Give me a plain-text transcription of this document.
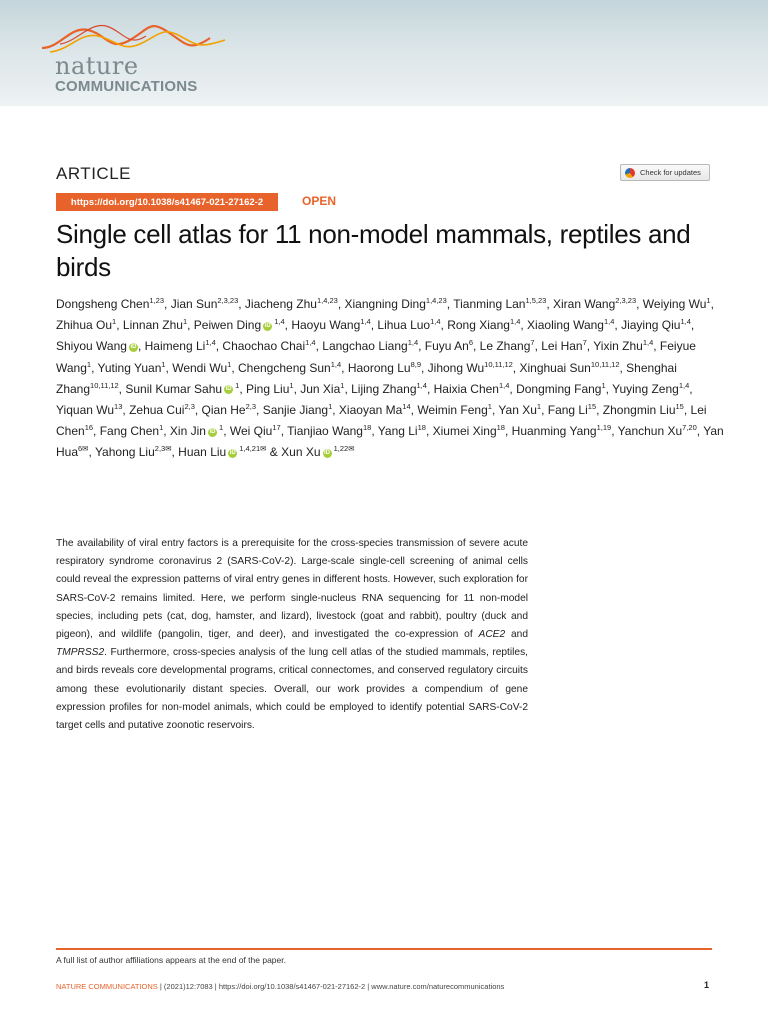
nature
COMMUNICATIONS
ARTICLE	Check for updates
https://doi.org/10.1038/s41467-021-27162-2	OPEN
Single cell atlas for 11 non-model mammals, reptiles and birds
Dongsheng Chen$^{1,23}$, Jian Sun$^{2,3,23}$, Jiacheng Zhu$^{1,4,23}$, Xiangning Ding$^{1,4,23}$, Tianming Lan$^{1,5,23}$, Xiran Wang$^{2,3,23}$, Weiying Wu$^1$, Zhihua Ou$^1$, Linnan Zhu$^1$, Peiwen Ding iD $^{1,4}$, Haoyu Wang$^{1,4}$, Lihua Luo$^{1,4}$, Rong Xiang$^{1,4}$, Xiaoling Wang$^{1,4}$, Jiaying Qiu$^{1,4}$, Shiyou Wang iD , Haimeng Li$^{1,4}$, Chaochao Chai$^{1,4}$, Langchao Liang$^{1,4}$, Fuyu An$^6$, Le Zhang$^7$, Lei Han$^7$, Yixin Zhu$^{1,4}$, Feiyue Wang$^1$, Yuting Yuan$^1$, Wendi Wu$^1$, Chengcheng Sun$^{1,4}$, Haorong Lu$^{8,9}$, Jihong Wu$^{10,11,12}$, Xinghuai Sun$^{10,11,12}$, Shenghai Zhang$^{10,11,12}$, Sunil Kumar Sahu iD $^1$, Ping Liu$^1$, Jun Xia$^1$, Lijing Zhang$^{1,4}$, Haixia Chen$^{1,4}$, Dongming Fang$^1$, Yuying Zeng$^{1,4}$, Yiquan Wu$^{13}$, Zehua Cui$^{2,3}$, Qian He$^{2,3}$, Sanjie Jiang$^1$, Xiaoyan Ma$^{14}$, Weimin Feng$^1$, Yan Xu$^1$, Fang Li$^{15}$, Zhongmin Liu$^{15}$, Lei Chen$^{16}$, Fang Chen$^1$, Xin Jin iD $^1$, Wei Qiu$^{17}$, Tianjiao Wang$^{18}$, Yang Li$^{18}$, Xiumei Xing$^{18}$, Huanming Yang$^{1,19}$, Yanchun Xu$^{7,20}$, Yan Hua$^{6✉}$, Yahong Liu$^{2,3✉}$, Huan Liu iD $^{1,4,21✉}$ & Xun Xu iD $^{1,22✉}$

The availability of viral entry factors is a prerequisite for the cross-species transmission of severe acute respiratory syndrome coronavirus 2 (SARS-CoV-2). Large-scale single-cell screening of animal cells could reveal the expression patterns of viral entry genes in different hosts. However, such exploration for SARS-CoV-2 remains limited. Here, we perform single-nucleus RNA sequencing for 11 non-model species, including pets (cat, dog, hamster, and lizard), livestock (goat and rabbit), poultry (duck and pigeon), and wildlife (pangolin, tiger, and deer), and investigated the co-expression of ACE2 and TMPRSS2. Furthermore, cross-species analysis of the lung cell atlas of the studied mammals, reptiles, and birds reveals core developmental programs, critical connectomes, and conserved regulatory circuits among these evolutionarily distant species. Overall, our work provides a compendium of gene expression profiles for non-model animals, which could be employed to identify potential SARS-CoV-2 target cells and putative zoonotic reservoirs.

A full list of author affiliations appears at the end of the paper.
NATURE COMMUNICATIONS | (2021)12:7083 | https://doi.org/10.1038/s41467-021-27162-2 | www.nature.com/naturecommunications	1
